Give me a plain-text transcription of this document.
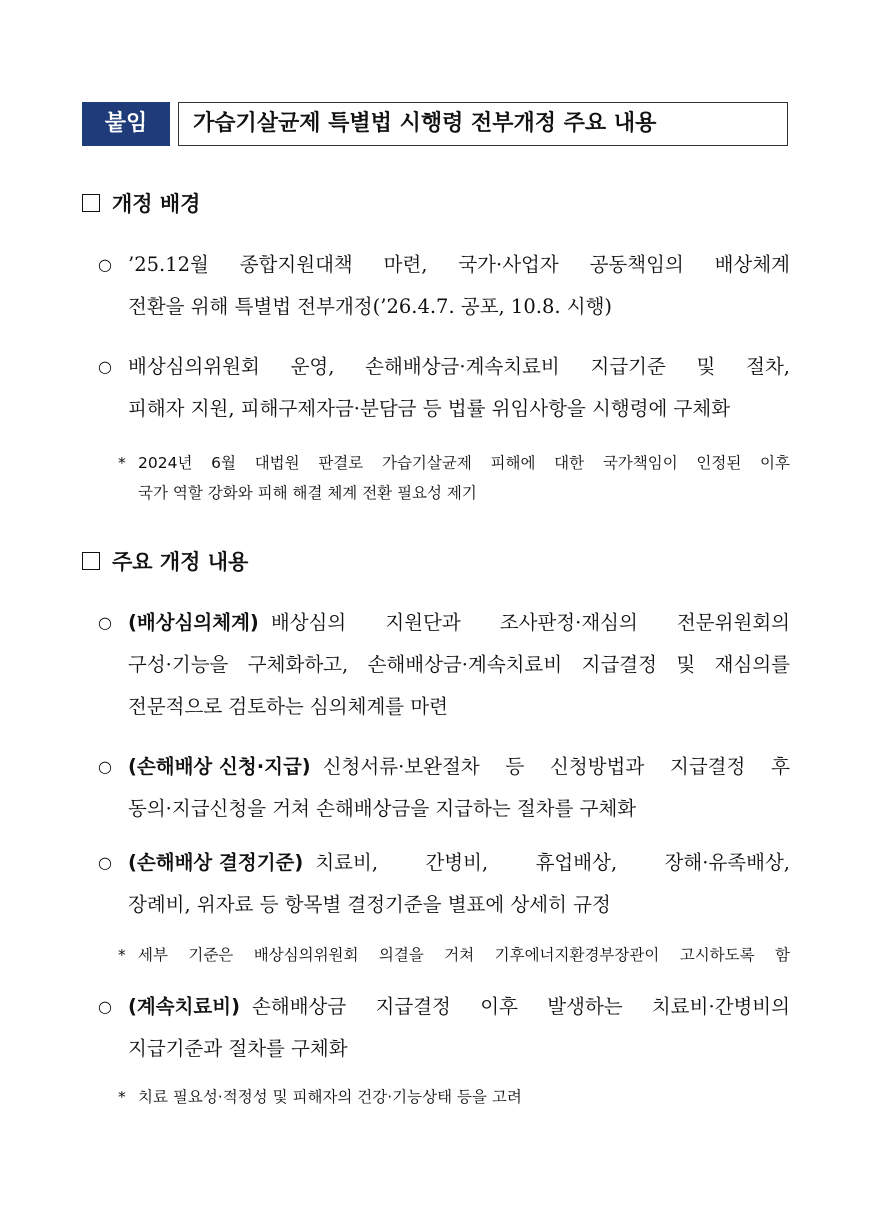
붙임	가습기살균제 특별법 시행령 전부개정 주요 내용
개정 배경
○ ’25.12월 종합지원대책 마련, 국가·사업자 공동책임의 배상체계
전환을 위해 특별법 전부개정(’26.4.7. 공포, 10.8. 시행)
○ 배상심의위원회 운영, 손해배상금·계속치료비 지급기준 및 절차,
피해자 지원, 피해구제자금·분담금 등 법률 위임사항을 시행령에 구체화
* 2024년 6월 대법원 판결로 가습기살균제 피해에 대한 국가책임이 인정된 이후
국가 역할 강화와 피해 해결 체계 전환 필요성 제기
주요 개정 내용
○ (배상심의체계) 배상심의 지원단과 조사판정·재심의 전문위원회의
구성·기능을 구체화하고, 손해배상금·계속치료비 지급결정 및 재심의를
전문적으로 검토하는 심의체계를 마련
○ (손해배상 신청·지급) 신청서류·보완절차 등 신청방법과 지급결정 후
동의·지급신청을 거쳐 손해배상금을 지급하는 절차를 구체화
○ (손해배상 결정기준) 치료비, 간병비, 휴업배상, 장해·유족배상,
장례비, 위자료 등 항목별 결정기준을 별표에 상세히 규정
* 세부 기준은 배상심의위원회 의결을 거쳐 기후에너지환경부장관이 고시하도록 함
○ (계속치료비) 손해배상금 지급결정 이후 발생하는 치료비·간병비의
지급기준과 절차를 구체화
* 치료 필요성·적정성 및 피해자의 건강·기능상태 등을 고려
